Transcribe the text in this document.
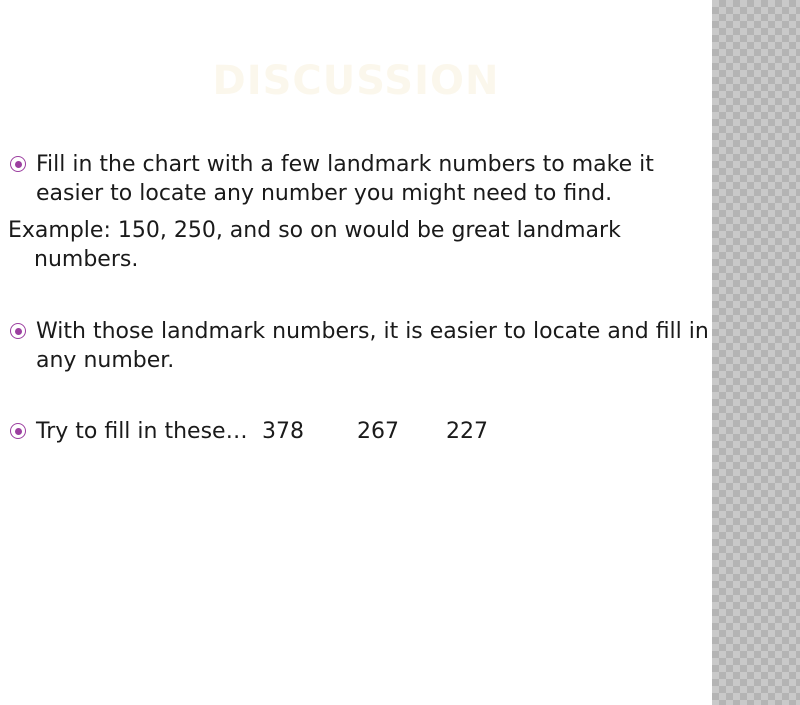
DISCUSSION
Fill in the chart with a few landmark numbers to make it
easier to locate any number you might need to find.
Example: 150, 250, and so on would be great landmark
numbers.
With those landmark numbers, it is easier to locate and fill in
any number.
Try to fill in these… 378 267 227
